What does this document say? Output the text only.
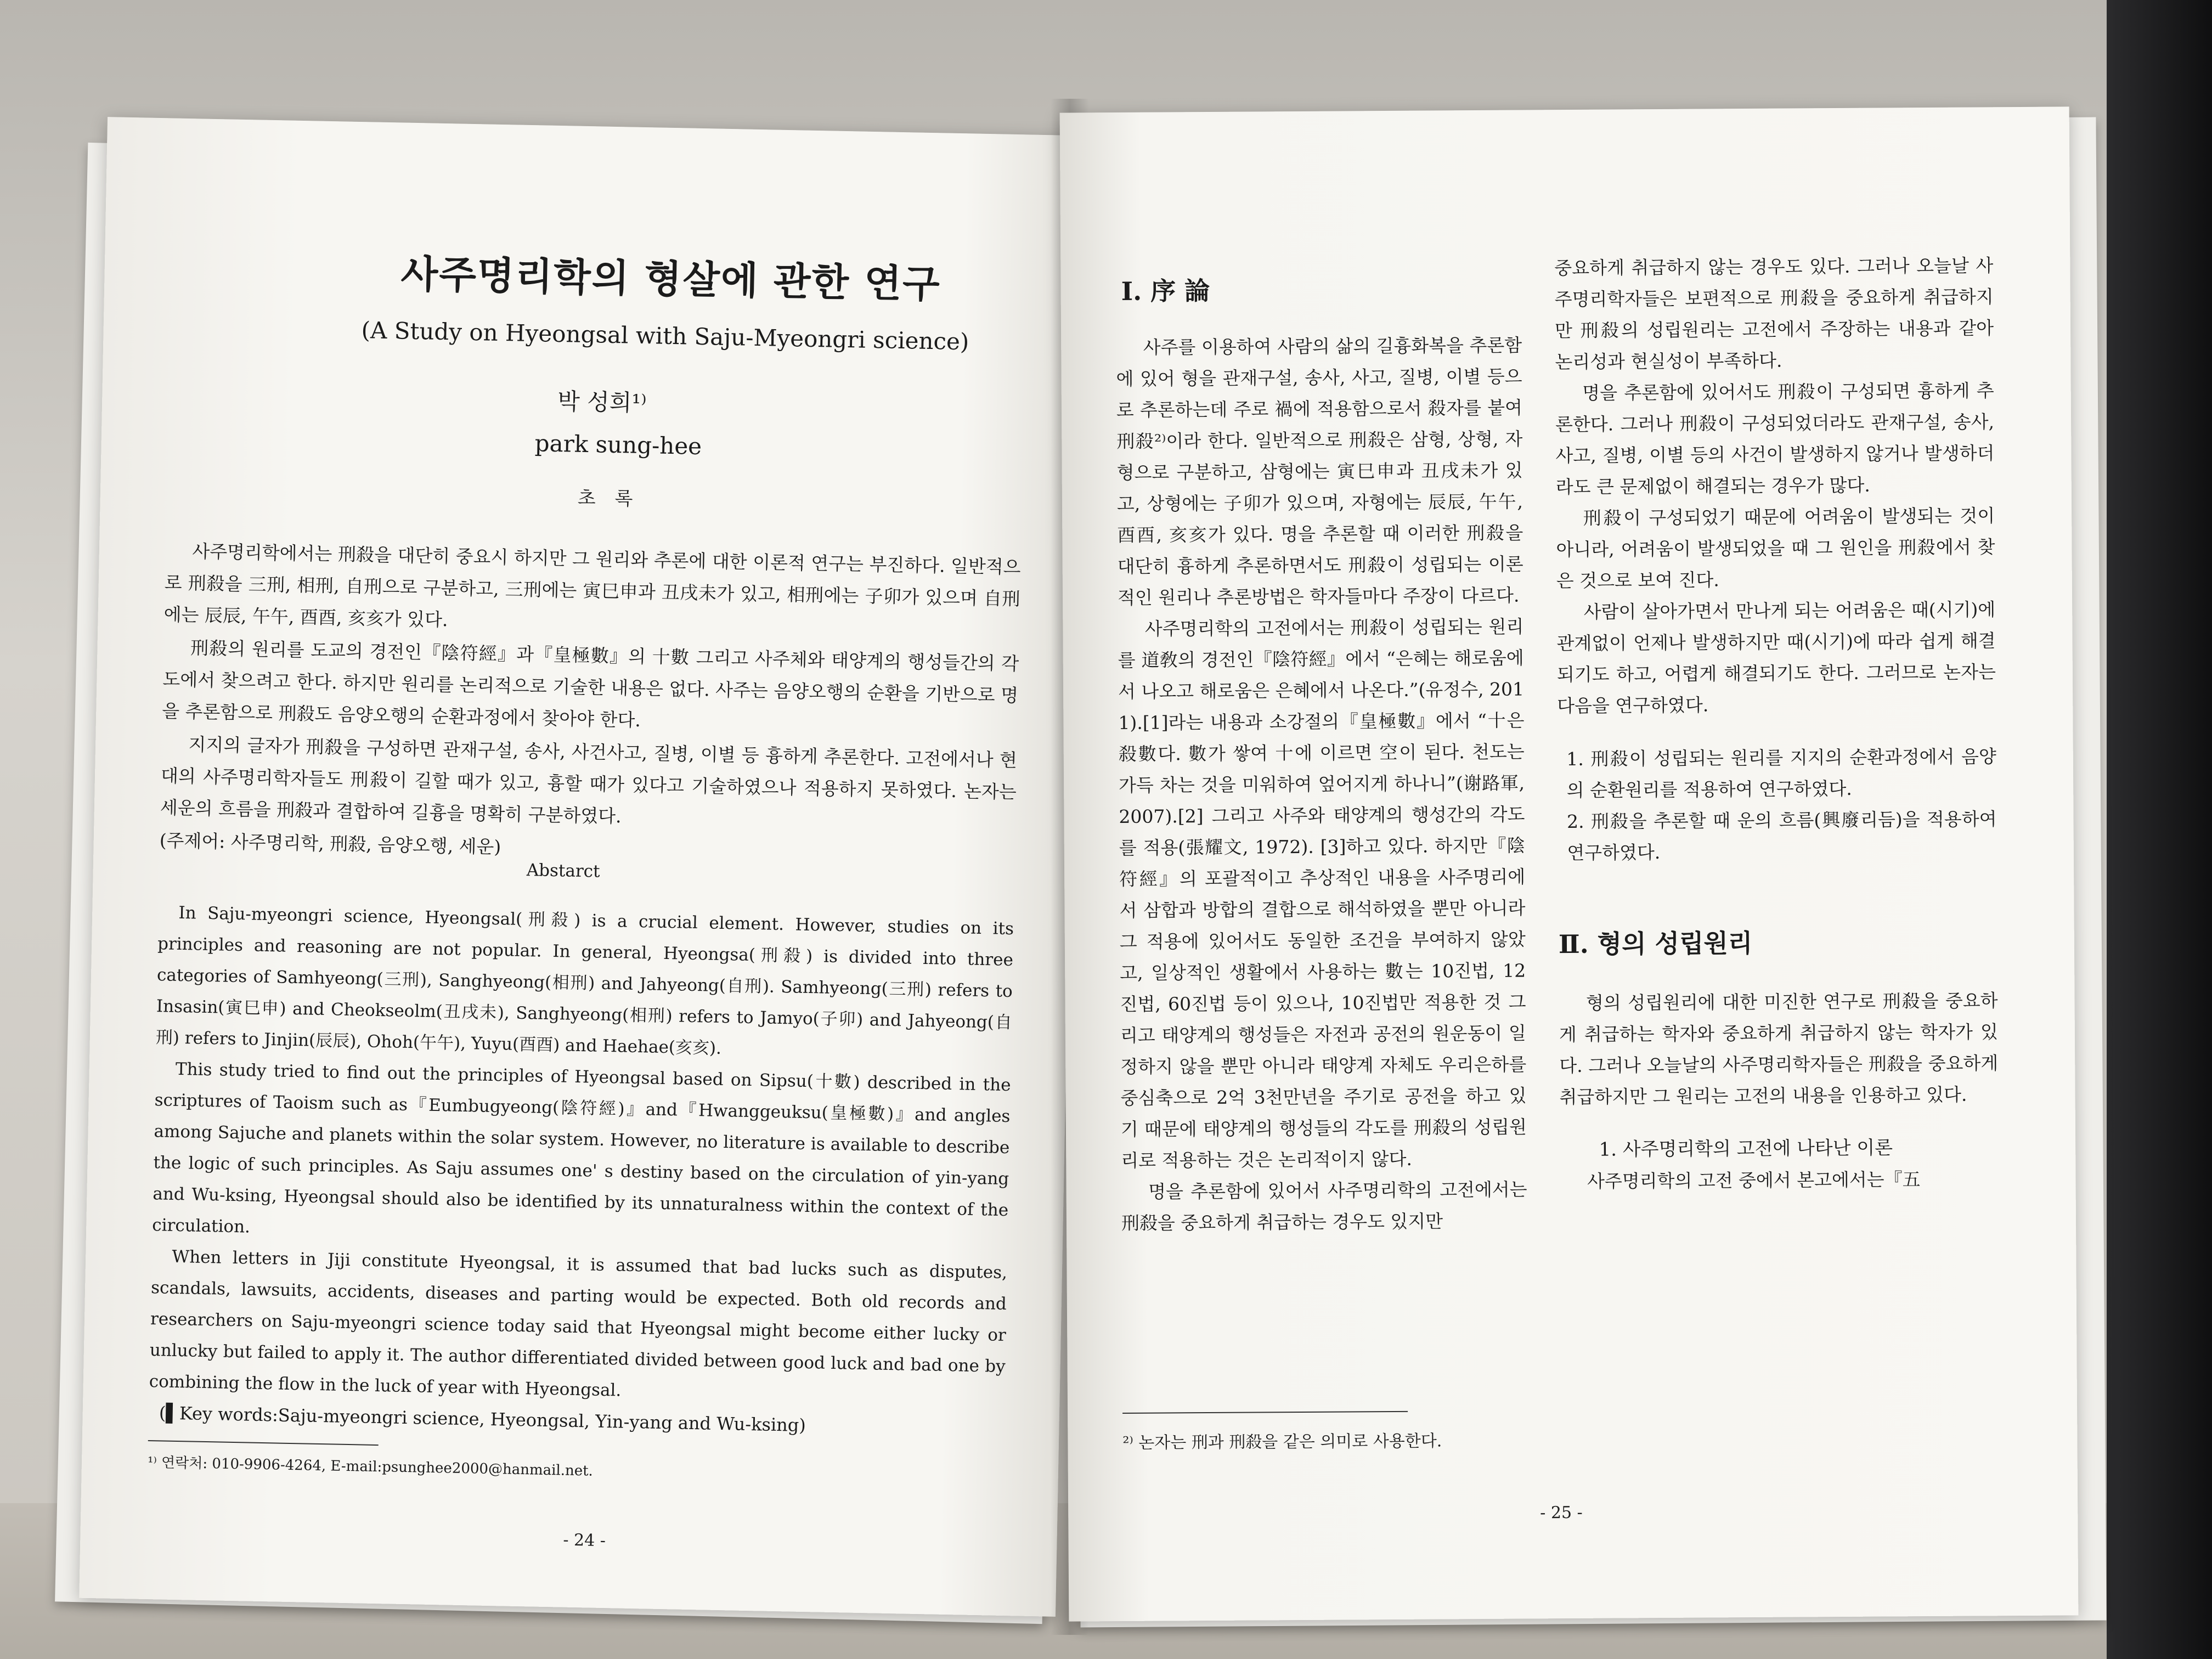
사주명리학의 형살에 관한 연구
(A Study on Hyeongsal with Saju-Myeongri science)
박 성희¹⁾
park sung-hee
초 록

사주명리학에서는 刑殺을 대단히 중요시 하지만 그 원리와 추론에 대한 이론적 연구는 부진하다. 일반적으로 刑殺을 三刑, 相刑, 自刑으로 구분하고, 三刑에는 寅巳申과 丑戌未가 있고, 相刑에는 子卯가 있으며 自刑에는 辰辰, 午午, 酉酉, 亥亥가 있다.

刑殺의 원리를 도교의 경전인『陰符經』과『皇極數』의 十數 그리고 사주체와 태양계의 행성들간의 각도에서 찾으려고 한다. 하지만 원리를 논리적으로 기술한 내용은 없다. 사주는 음양오행의 순환을 기반으로 명을 추론함으로 刑殺도 음양오행의 순환과정에서 찾아야 한다.

지지의 글자가 刑殺을 구성하면 관재구설, 송사, 사건사고, 질병, 이별 등 흉하게 추론한다. 고전에서나 현대의 사주명리학자들도 刑殺이 길할 때가 있고, 흉할 때가 있다고 기술하였으나 적용하지 못하였다. 논자는 세운의 흐름을 刑殺과 결합하여 길흉을 명확히 구분하였다.

(주제어: 사주명리학, 刑殺, 음양오행, 세운)

Abstarct

In Saju-myeongri science, Hyeongsal(刑殺) is a crucial element. However, studies on its principles and reasoning are not popular. In general, Hyeongsa(刑殺) is divided into three categories of Samhyeong(三刑), Sanghyeong(相刑) and Jahyeong(自刑). Samhyeong(三刑) refers to Insasin(寅巳申) and Cheokseolm(丑戌未), Sanghyeong(相刑) refers to Jamyo(子卯) and Jahyeong(自刑) refers to Jinjin(辰辰), Ohoh(午午), Yuyu(酉酉) and Haehae(亥亥).

This study tried to find out the principles of Hyeongsal based on Sipsu(十數) described in the scriptures of Taoism such as『Eumbugyeong(陰符經)』and『Hwanggeuksu(皇極數)』and angles among Sajuche and planets within the solar system. However, no literature is available to describe the logic of such principles. As Saju assumes one' s destiny based on the circulation of yin-yang and Wu-ksing, Hyeongsal should also be identified by its unnaturalness within the context of the circulation.

When letters in Jiji constitute Hyeongsal, it is assumed that bad lucks such as disputes, scandals, lawsuits, accidents, diseases and parting would be expected. Both old records and researchers on Saju-myeongri science today said that Hyeongsal might become either lucky or unlucky but failed to apply it. The author differentiated divided between good luck and bad one by combining the flow in the luck of year with Hyeongsal.

(▌Key words:Saju-myeongri science, Hyeongsal, Yin-yang and Wu-ksing)

¹⁾ 연락처: 010-9906-4264, E-mail:psunghee2000@hanmail.net.
- 24 -
Ⅰ. 序 論

사주를 이용하여 사람의 삶의 길흉화복을 추론함에 있어 형을 관재구설, 송사, 사고, 질병, 이별 등으로 추론하는데 주로 禍에 적용함으로서 殺자를 붙여 刑殺²⁾이라 한다. 일반적으로 刑殺은 삼형, 상형, 자형으로 구분하고, 삼형에는 寅巳申과 丑戌未가 있고, 상형에는 子卯가 있으며, 자형에는 辰辰, 午午, 酉酉, 亥亥가 있다. 명을 추론할 때 이러한 刑殺을 대단히 흉하게 추론하면서도 刑殺이 성립되는 이론적인 원리나 추론방법은 학자들마다 주장이 다르다.

사주명리학의 고전에서는 刑殺이 성립되는 원리를 道敎의 경전인『陰符經』에서 “은혜는 해로움에서 나오고 해로움은 은혜에서 나온다.”(유정수, 201 1).[1]라는 내용과 소강절의『皇極數』에서 “十은 殺數다. 數가 쌓여 十에 이르면 空이 된다. 천도는 가득 차는 것을 미워하여 엎어지게 하나니”(谢路軍, 2007).[2] 그리고 사주와 태양계의 행성간의 각도를 적용(張耀文, 1972). [3]하고 있다. 하지만『陰符經』의 포괄적이고 추상적인 내용을 사주명리에서 삼합과 방합의 결합으로 해석하였을 뿐만 아니라 그 적용에 있어서도 동일한 조건을 부여하지 않았고, 일상적인 생활에서 사용하는 數는 10진법, 12진법, 60진법 등이 있으나, 10진법만 적용한 것 그리고 태양계의 행성들은 자전과 공전의 원운동이 일정하지 않을 뿐만 아니라 태양계 자체도 우리은하를 중심축으로 2억 3천만년을 주기로 공전을 하고 있기 때문에 태양계의 행성들의 각도를 刑殺의 성립원리로 적용하는 것은 논리적이지 않다.

명을 추론함에 있어서 사주명리학의 고전에서는 刑殺을 중요하게 취급하는 경우도 있지만

²⁾ 논자는 刑과 刑殺을 같은 의미로 사용한다.

중요하게 취급하지 않는 경우도 있다. 그러나 오늘날 사주명리학자들은 보편적으로 刑殺을 중요하게 취급하지만 刑殺의 성립원리는 고전에서 주장하는 내용과 같아 논리성과 현실성이 부족하다.

명을 추론함에 있어서도 刑殺이 구성되면 흉하게 추론한다. 그러나 刑殺이 구성되었더라도 관재구설, 송사, 사고, 질병, 이별 등의 사건이 발생하지 않거나 발생하더라도 큰 문제없이 해결되는 경우가 많다.

刑殺이 구성되었기 때문에 어려움이 발생되는 것이 아니라, 어려움이 발생되었을 때 그 원인을 刑殺에서 찾은 것으로 보여 진다.

사람이 살아가면서 만나게 되는 어려움은 때(시기)에 관계없이 언제나 발생하지만 때(시기)에 따라 쉽게 해결되기도 하고, 어렵게 해결되기도 한다. 그러므로 논자는 다음을 연구하였다.

1. 刑殺이 성립되는 원리를 지지의 순환과정에서 음양의 순환원리를 적용하여 연구하였다.

2. 刑殺을 추론할 때 운의 흐름(興廢리듬)을 적용하여 연구하였다.

Ⅱ. 형의 성립원리

형의 성립원리에 대한 미진한 연구로 刑殺을 중요하게 취급하는 학자와 중요하게 취급하지 않는 학자가 있다. 그러나 오늘날의 사주명리학자들은 刑殺을 중요하게 취급하지만 그 원리는 고전의 내용을 인용하고 있다.

1. 사주명리학의 고전에 나타난 이론

사주명리학의 고전 중에서 본고에서는『五

- 25 -
